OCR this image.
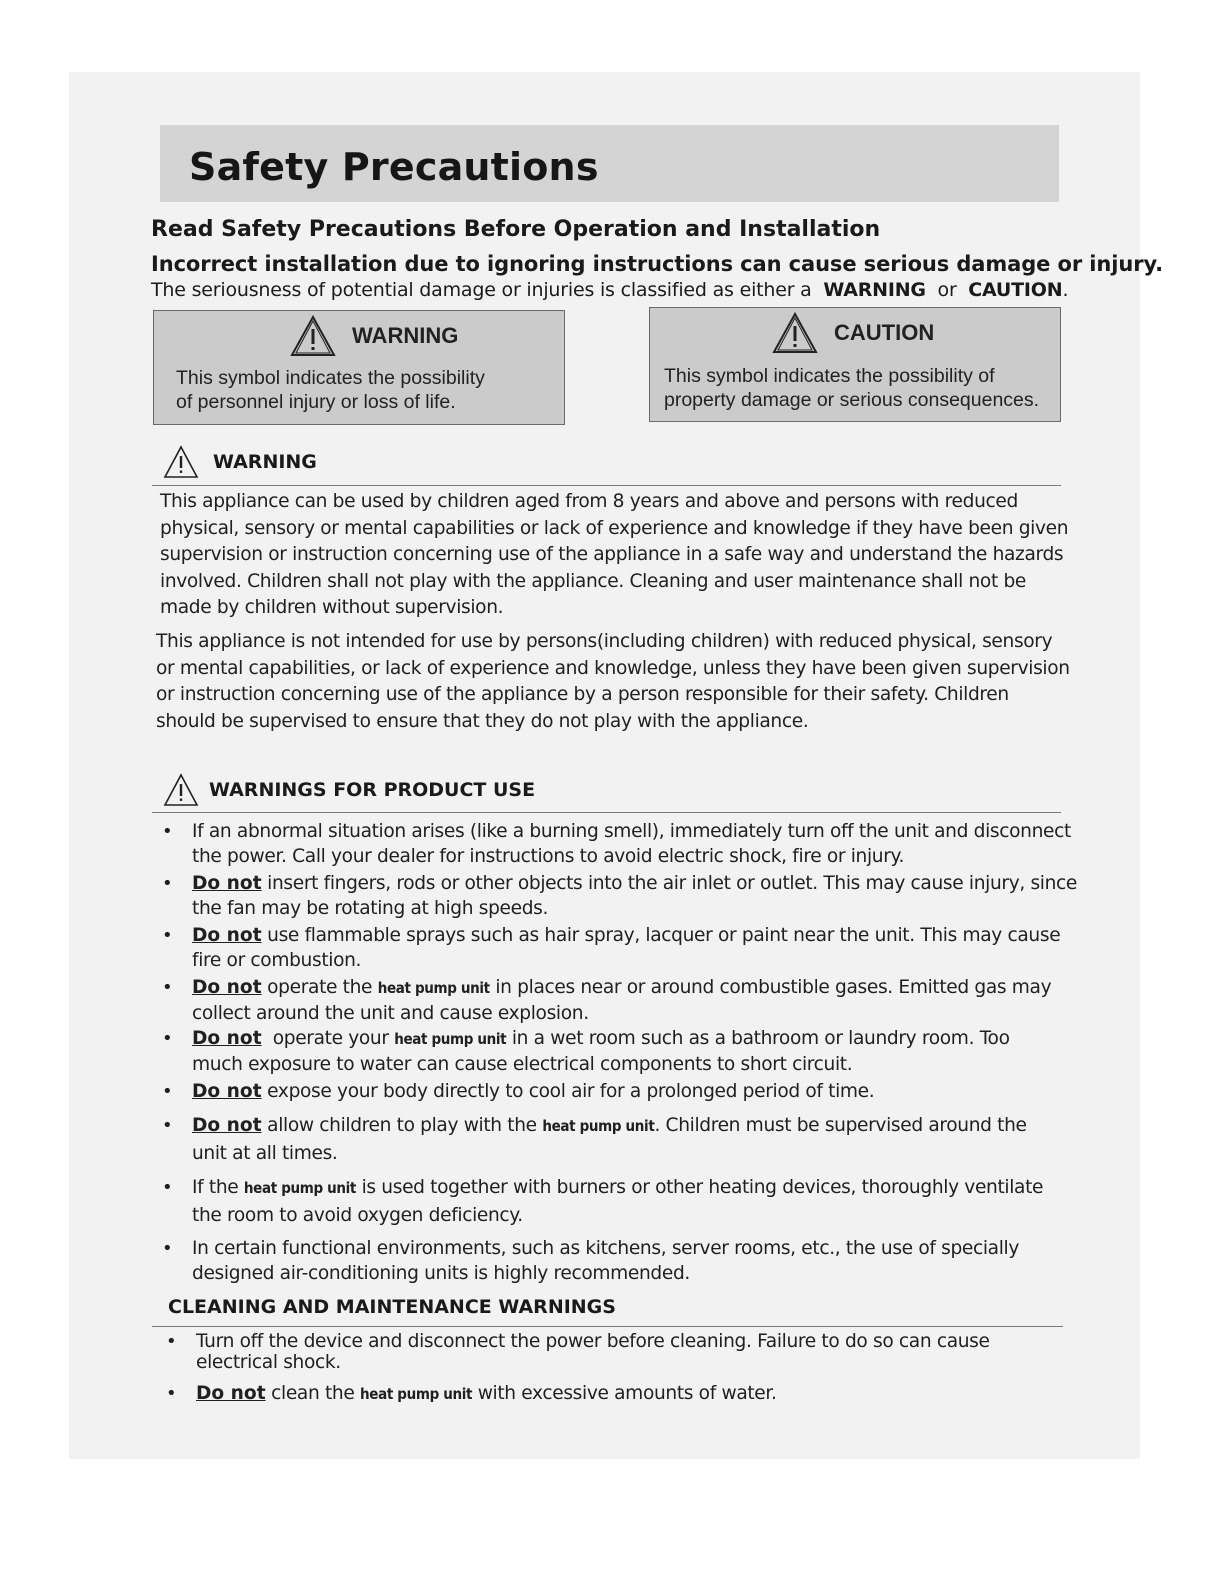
Safety Precautions
Read Safety Precautions Before Operation and Installation
Incorrect installation due to ignoring instructions can cause serious damage or injury.
The seriousness of potential damage or injuries is classified as either a WARNING or CAUTION.
WARNING
This symbol indicates the possibility
of personnel injury or loss of life.
CAUTION
This symbol indicates the possibility of
property damage or serious consequences.
WARNING
This appliance can be used by children aged from 8 years and above and persons with reduced
physical, sensory or mental capabilities or lack of experience and knowledge if they have been given
supervision or instruction concerning use of the appliance in a safe way and understand the hazards
involved. Children shall not play with the appliance. Cleaning and user maintenance shall not be
made by children without supervision.
This appliance is not intended for use by persons(including children) with reduced physical, sensory
or mental capabilities, or lack of experience and knowledge, unless they have been given supervision
or instruction concerning use of the appliance by a person responsible for their safety. Children
should be supervised to ensure that they do not play with the appliance.
WARNINGS FOR PRODUCT USE
• If an abnormal situation arises (like a burning smell), immediately turn off the unit and disconnect
the power. Call your dealer for instructions to avoid electric shock, fire or injury.
• Do not insert fingers, rods or other objects into the air inlet or outlet. This may cause injury, since
the fan may be rotating at high speeds.
• Do not use flammable sprays such as hair spray, lacquer or paint near the unit. This may cause
fire or combustion.
• Do not operate the heat pump unit in places near or around combustible gases. Emitted gas may
collect around the unit and cause explosion.
• Do not operate your heat pump unit in a wet room such as a bathroom or laundry room. Too
much exposure to water can cause electrical components to short circuit.
• Do not expose your body directly to cool air for a prolonged period of time.
• Do not allow children to play with the heat pump unit. Children must be supervised around the
unit at all times.
• If the heat pump unit is used together with burners or other heating devices, thoroughly ventilate
the room to avoid oxygen deficiency.
• In certain functional environments, such as kitchens, server rooms, etc., the use of specially
designed air-conditioning units is highly recommended.
CLEANING AND MAINTENANCE WARNINGS
• Turn off the device and disconnect the power before cleaning. Failure to do so can cause
electrical shock.
• Do not clean the heat pump unit with excessive amounts of water.
